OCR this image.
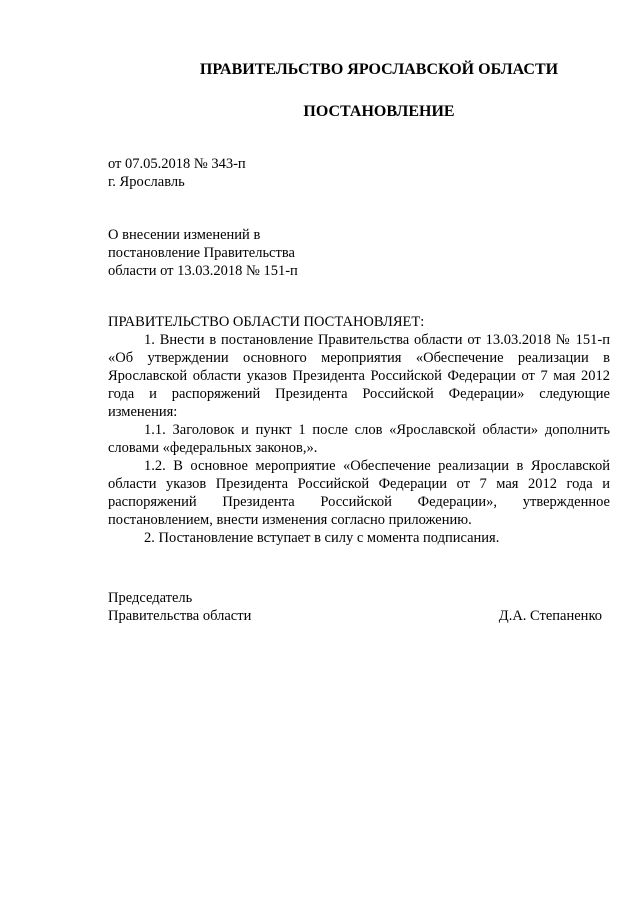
ПРАВИТЕЛЬСТВО ЯРОСЛАВСКОЙ ОБЛАСТИ
ПОСТАНОВЛЕНИЕ
от 07.05.2018 № 343-п
г. Ярославль
О внесении изменений в
постановление Правительства
области от 13.03.2018 № 151-п
ПРАВИТЕЛЬСТВО ОБЛАСТИ ПОСТАНОВЛЯЕТ:

1. Внести в постановление Правительства области от 13.03.2018 № 151-п «Об утверждении основного мероприятия «Обеспечение реализации в Ярославской области указов Президента Российской Федерации от 7 мая 2012 года и распоряжений Президента Российской Федерации» следующие изменения:

1.1. Заголовок и пункт 1 после слов «Ярославской области» дополнить словами «федеральных законов,».

1.2. В основное мероприятие «Обеспечение реализации в Ярославской области указов Президента Российской Федерации от 7 мая 2012 года и распоряжений Президента Российской Федерации», утвержденное постановлением, внести изменения согласно приложению.

2. Постановление вступает в силу с момента подписания.

Председатель
Правительства области	Д.А. Степаненко
